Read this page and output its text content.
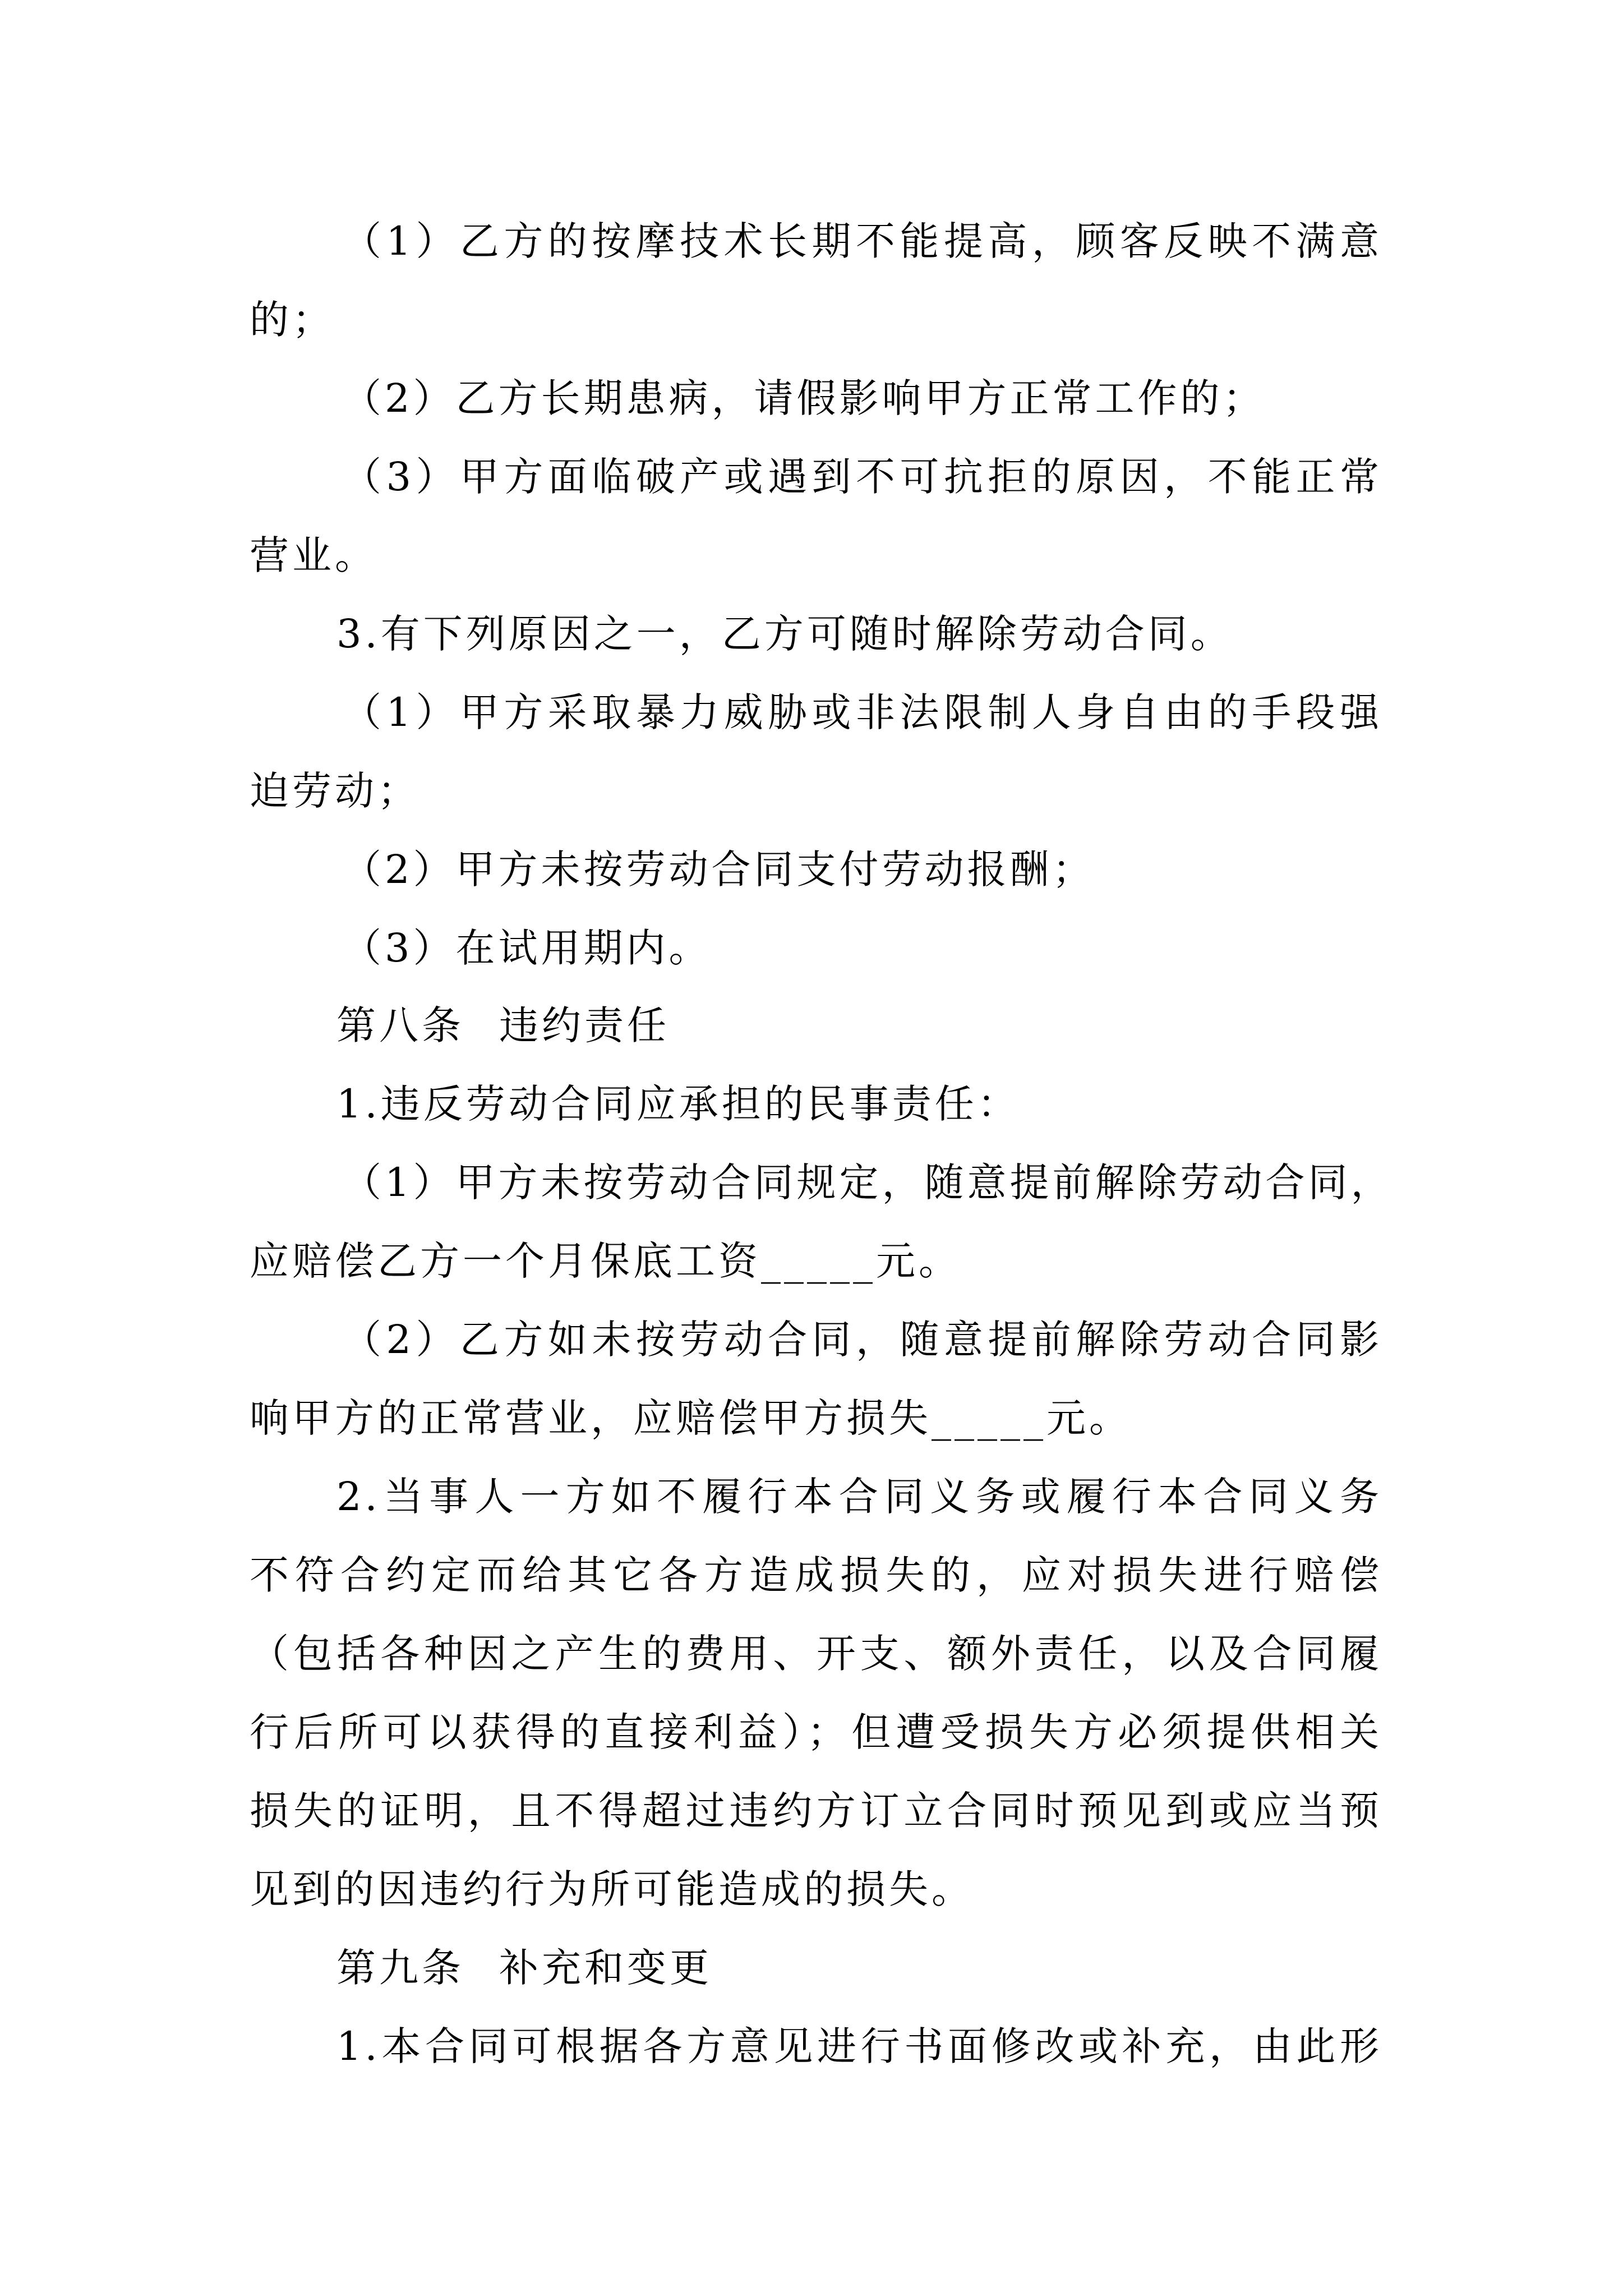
（1）乙方的按摩技术长期不能提高，顾客反映不满意
的；
（2）乙方长期患病，请假影响甲方正常工作的；
（3）甲方面临破产或遇到不可抗拒的原因，不能正常
营业。
3.有下列原因之一，乙方可随时解除劳动合同。
（1）甲方采取暴力威胁或非法限制人身自由的手段强
迫劳动；
（2）甲方未按劳动合同支付劳动报酬；
（3）在试用期内。
第八条 违约责任
1.违反劳动合同应承担的民事责任：
（1）甲方未按劳动合同规定，随意提前解除劳动合同，
应赔偿乙方一个月保底工资_____元。
（2）乙方如未按劳动合同，随意提前解除劳动合同影
响甲方的正常营业，应赔偿甲方损失_____元。
2.当事人一方如不履行本合同义务或履行本合同义务
不符合约定而给其它各方造成损失的，应对损失进行赔偿
（包括各种因之产生的费用、开支、额外责任，以及合同履
行后所可以获得的直接利益）；但遭受损失方必须提供相关
损失的证明，且不得超过违约方订立合同时预见到或应当预
见到的因违约行为所可能造成的损失。
第九条 补充和变更
1.本合同可根据各方意见进行书面修改或补充，由此形
